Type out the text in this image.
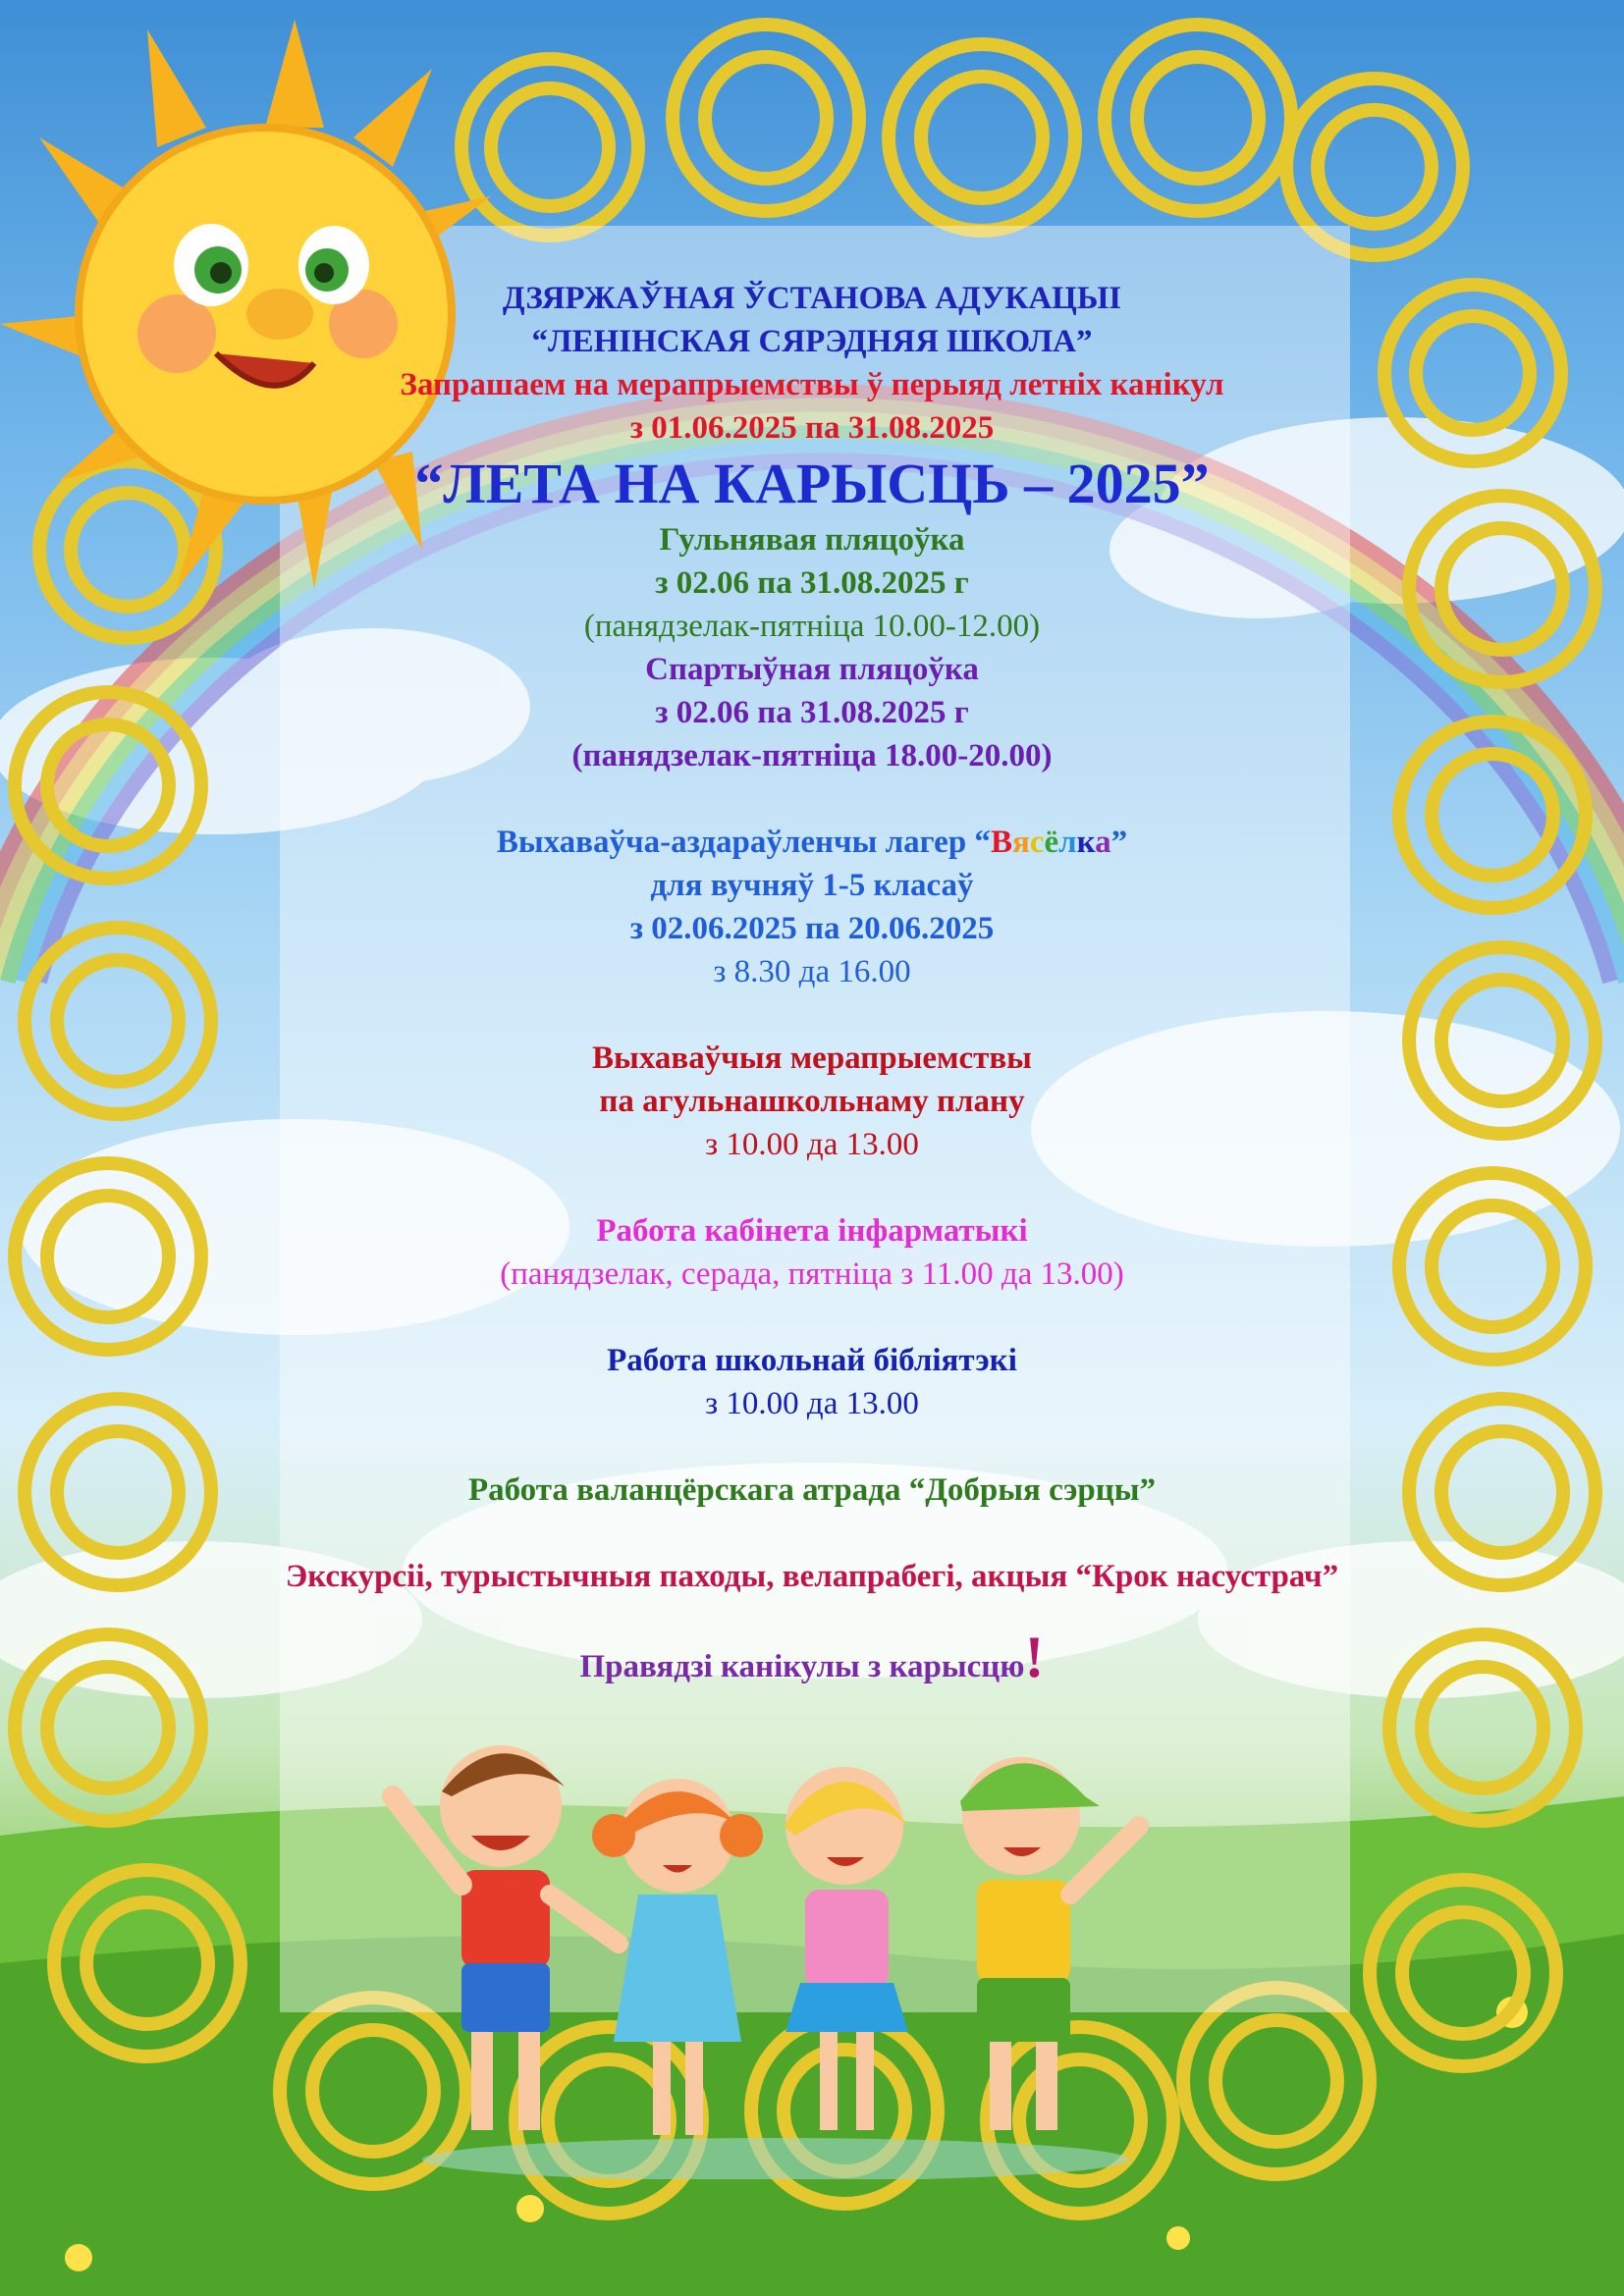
ДЗЯРЖАЎНАЯ ЎСТАНОВА АДУКАЦЫІ

“ЛЕНІНСКАЯ СЯРЭДНЯЯ ШКОЛА”

Запрашаем на мерапрыемствы ў перыяд летніх канікул

з 01.06.2025 па 31.08.2025

“ЛЕТА НА КАРЫСЦЬ – 2025”

Гульнявая пляцоўка

з 02.06 па 31.08.2025 г

(панядзелак-пятніца 10.00-12.00)

Спартыўная пляцоўка

з 02.06 па 31.08.2025 г

(панядзелак-пятніца 18.00-20.00)

Выхаваўча-аздараўленчы лагер “Вясёлка”

для вучняў 1-5 класаў

з 02.06.2025 па 20.06.2025

з 8.30 да 16.00

Выхаваўчыя мерапрыемствы

па агульнашкольнаму плану

з 10.00 да 13.00

Работа кабінета інфарматыкі

(панядзелак, серада, пятніца з 11.00 да 13.00)

Работа школьнай бібліятэкі

з 10.00 да 13.00

Работа валанцёрскага атрада “Добрыя сэрцы”

Экскурсіі, турыстычныя паходы, велапрабегі, акцыя “Крок насустрач”

Правядзі канікулы з карысцю!
